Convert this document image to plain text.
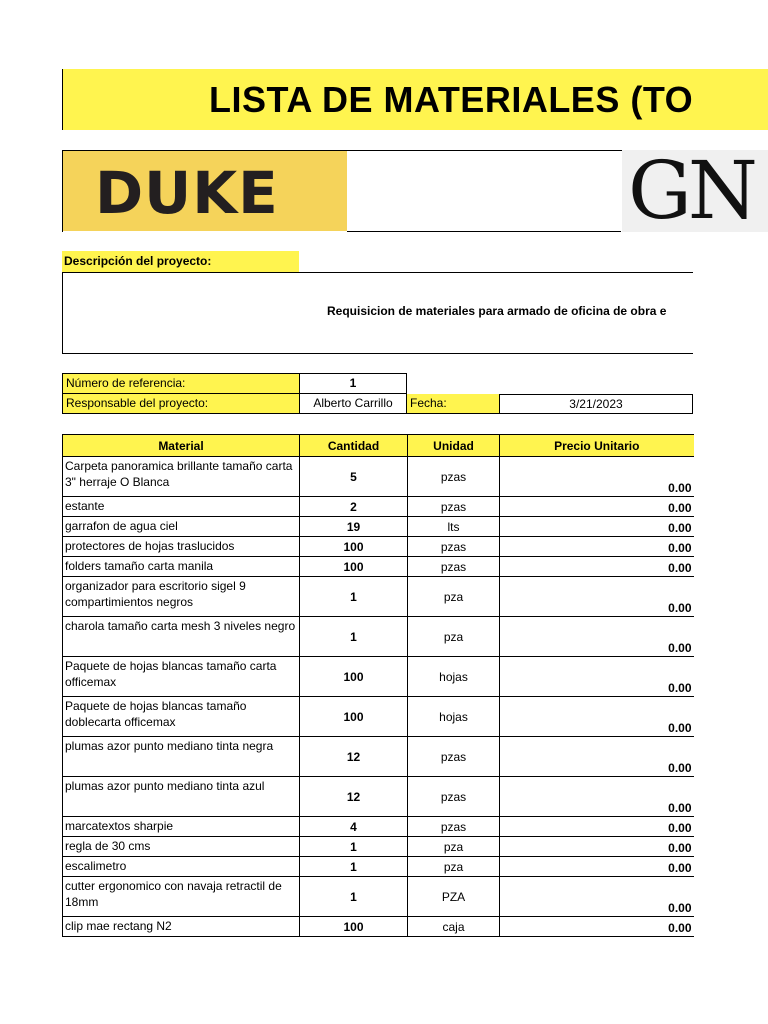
LISTA DE MATERIALES (TO
DUKE	GN
Descripción del proyecto:
Requisicion de materiales para armado de oficina de obra e
Número de referencia:	1
Responsable del proyecto:	Alberto Carrillo	Fecha:	3/21/2023
Material	Cantidad	Unidad	Precio Unitario
Carpeta panoramica brillante tamaño carta 3" herraje O Blanca	5	pzas	0.00
estante	2	pzas	0.00
garrafon de agua ciel	19	lts	0.00
protectores de hojas traslucidos	100	pzas	0.00
folders tamaño carta manila	100	pzas	0.00
organizador para escritorio sigel 9 compartimientos negros	1	pza	0.00
charola tamaño carta mesh 3 niveles negro	1	pza	0.00
Paquete de hojas blancas tamaño carta officemax	100	hojas	0.00
Paquete de hojas blancas tamaño doblecarta officemax	100	hojas	0.00
plumas azor punto mediano tinta negra	12	pzas	0.00
plumas azor punto mediano tinta azul	12	pzas	0.00
marcatextos sharpie	4	pzas	0.00
regla de 30 cms	1	pza	0.00
escalimetro	1	pza	0.00
cutter ergonomico con navaja retractil de 18mm	1	PZA	0.00
clip mae rectang N2	100	caja	0.00
